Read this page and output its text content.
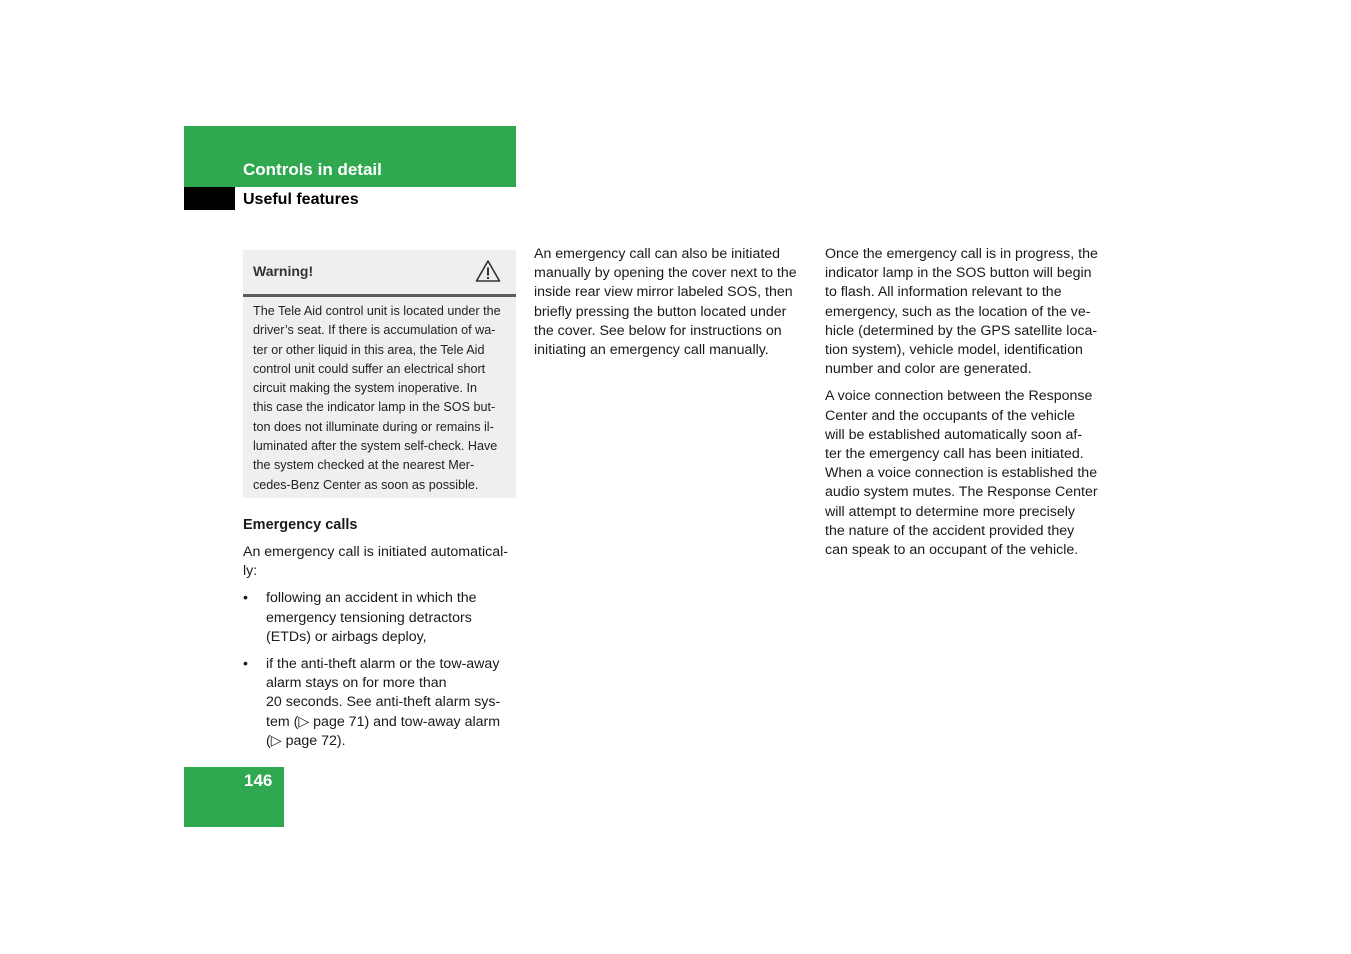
Controls in detail
Useful features
Warning!
The Tele Aid control unit is located under the
driver’s seat. If there is accumulation of wa-
ter or other liquid in this area, the Tele Aid
control unit could suffer an electrical short
circuit making the system inoperative. In
this case the indicator lamp in the SOS but-
ton does not illuminate during or remains il-
luminated after the system self-check. Have
the system checked at the nearest Mer-
cedes-Benz Center as soon as possible.
Emergency calls

An emergency call is initiated automatical-
ly:

• following an accident in which the
emergency tensioning detractors
(ETDs) or airbags deploy,
• if the anti-theft alarm or the tow-away
alarm stays on for more than
20 seconds. See anti-theft alarm sys-
tem (▷ page 71) and tow-away alarm
(▷ page 72).

An emergency call can also be initiated
manually by opening the cover next to the
inside rear view mirror labeled SOS, then
briefly pressing the button located under
the cover. See below for instructions on
initiating an emergency call manually.

Once the emergency call is in progress, the
indicator lamp in the SOS button will begin
to flash. All information relevant to the
emergency, such as the location of the ve-
hicle (determined by the GPS satellite loca-
tion system), vehicle model, identification
number and color are generated.

A voice connection between the Response
Center and the occupants of the vehicle
will be established automatically soon af-
ter the emergency call has been initiated.
When a voice connection is established the
audio system mutes. The Response Center
will attempt to determine more precisely
the nature of the accident provided they
can speak to an occupant of the vehicle.

146
